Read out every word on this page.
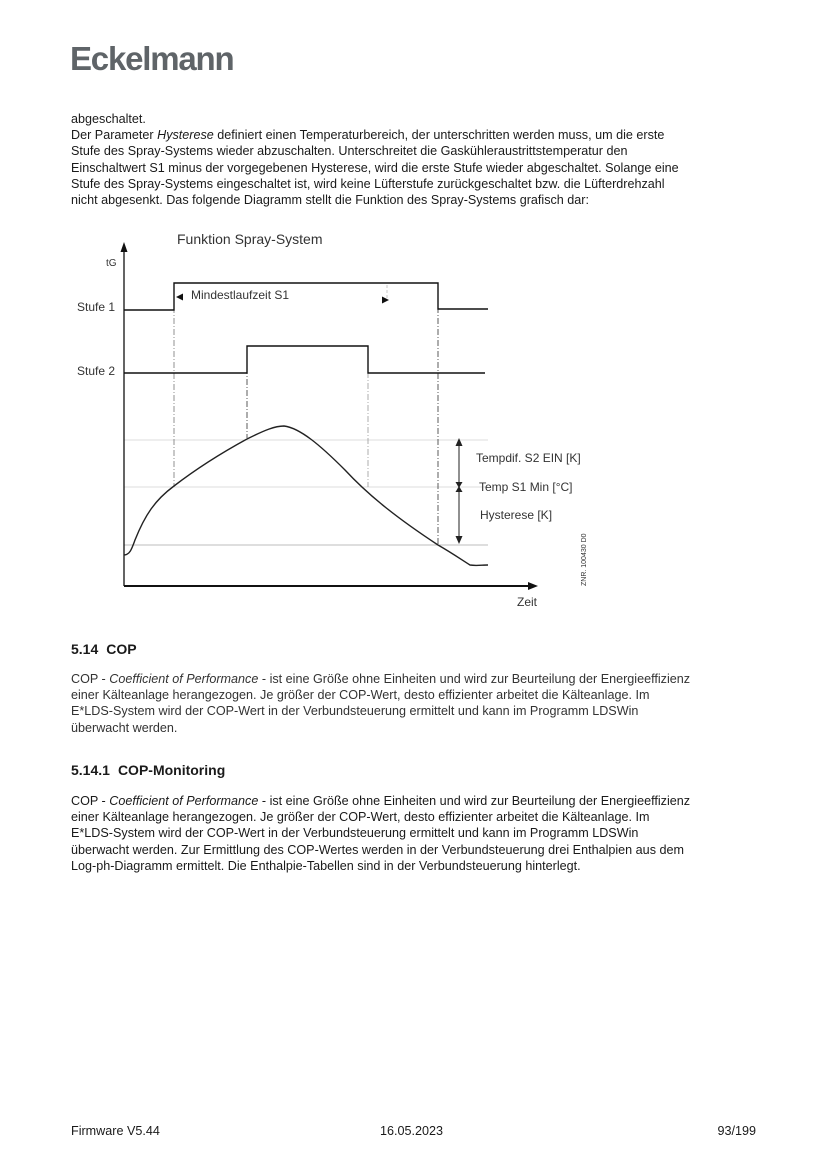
Eckelmann
abgeschaltet.
Der Parameter Hysterese definiert einen Temperaturbereich, der unterschritten werden muss, um die erste
Stufe des Spray-Systems wieder abzuschalten. Unterschreitet die Gaskühleraustrittstemperatur den
Einschaltwert S1 minus der vorgegebenen Hysterese, wird die erste Stufe wieder abgeschaltet. Solange eine
Stufe des Spray-Systems eingeschaltet ist, wird keine Lüfterstufe zurückgeschaltet bzw. die Lüfterdrehzahl
nicht abgesenkt. Das folgende Diagramm stellt die Funktion des Spray-Systems grafisch dar:
Funktion Spray-System
tG
Zeit
Stufe 1
Mindestlaufzeit S1
Stufe 2
Tempdif. S2 EIN [K]
Temp S1 Min [°C]
Hysterese [K]
ZNR. 100430 D0
5.14 COP
COP - Coefficient of Performance - ist eine Größe ohne Einheiten und wird zur Beurteilung der Energieeffizienz
einer Kälteanlage herangezogen. Je größer der COP-Wert, desto effizienter arbeitet die Kälteanlage. Im
E*LDS-System wird der COP-Wert in der Verbundsteuerung ermittelt und kann im Programm LDSWin
überwacht werden.
5.14.1 COP-Monitoring
COP - Coefficient of Performance - ist eine Größe ohne Einheiten und wird zur Beurteilung der Energieeffizienz
einer Kälteanlage herangezogen. Je größer der COP-Wert, desto effizienter arbeitet die Kälteanlage. Im
E*LDS-System wird der COP-Wert in der Verbundsteuerung ermittelt und kann im Programm LDSWin
überwacht werden. Zur Ermittlung des COP-Wertes werden in der Verbundsteuerung drei Enthalpien aus dem
Log-ph-Diagramm ermittelt. Die Enthalpie-Tabellen sind in der Verbundsteuerung hinterlegt.
Firmware V5.44	16.05.2023	93/199
